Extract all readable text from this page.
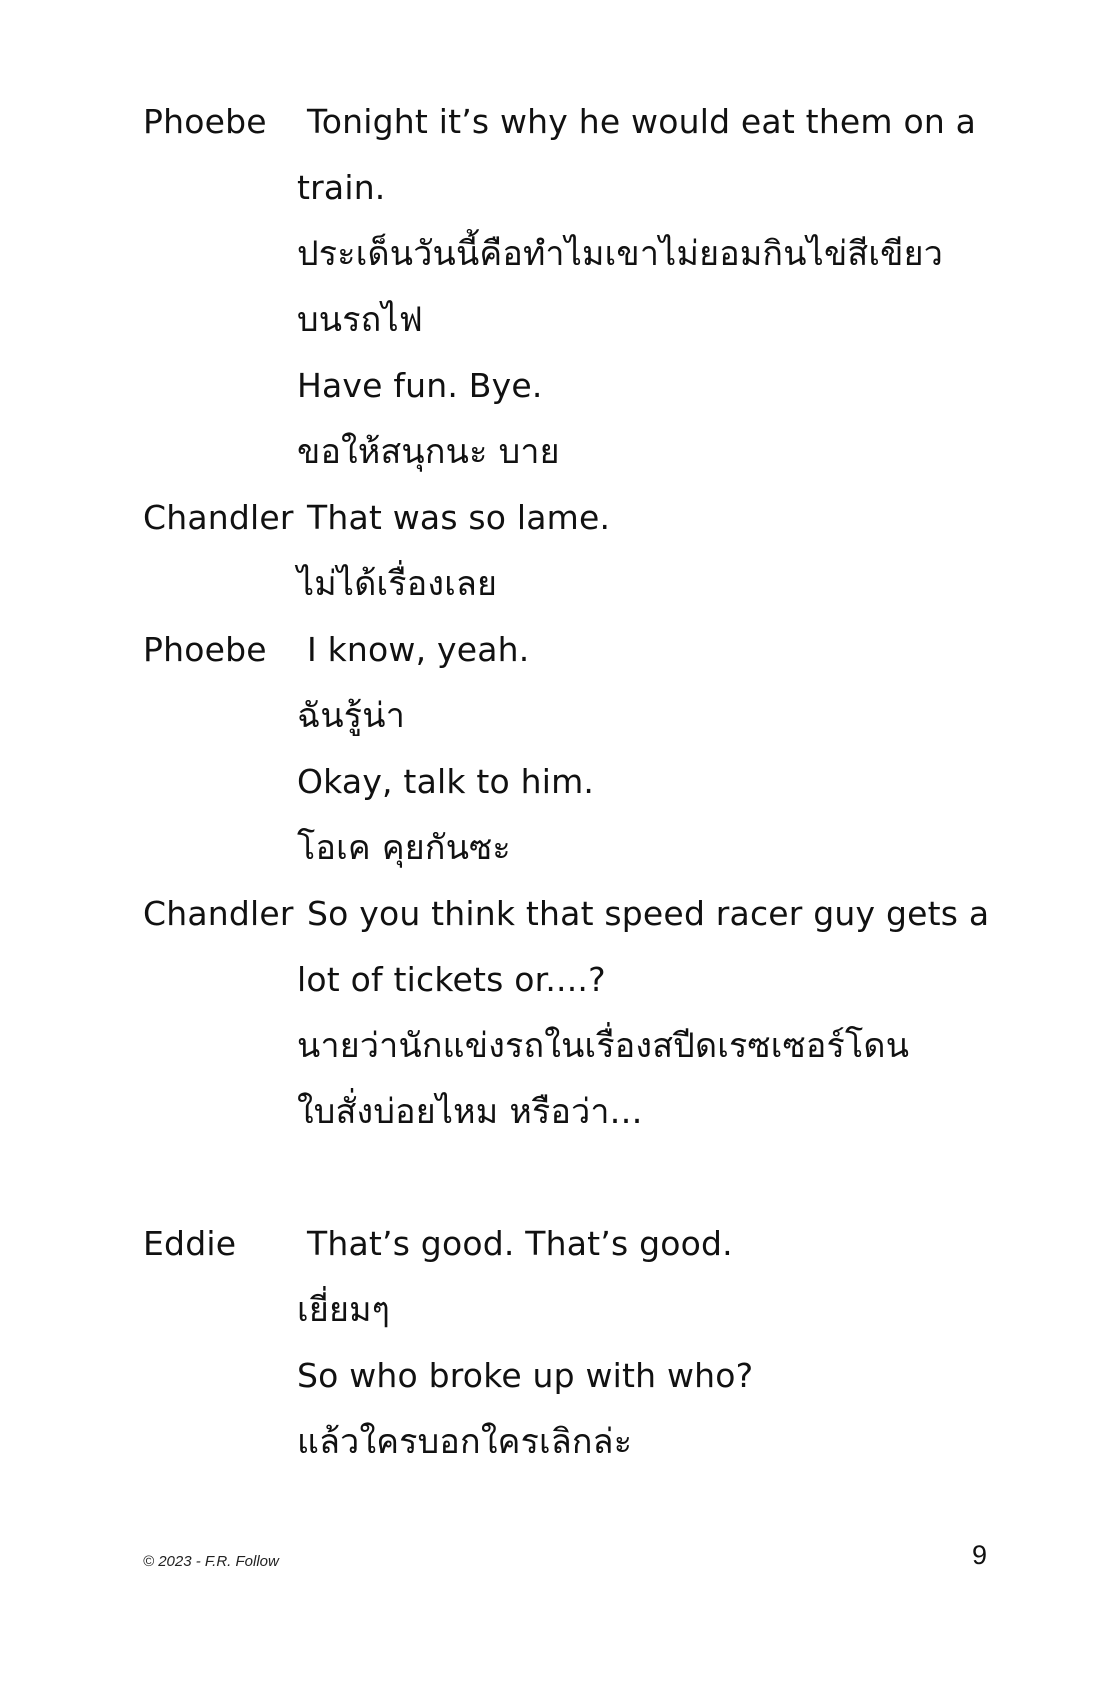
Phoebe Tonight it’s why he would eat them on a
train.
ประเด็นวันนี้คือทำไมเขาไม่ยอมกินไข่สีเขียว
บนรถไฟ
Have fun. Bye.
ขอให้สนุกนะ บาย
Chandler That was so lame.
ไม่ได้เรื่องเลย
Phoebe I know, yeah.
ฉันรู้น่า
Okay, talk to him.
โอเค คุยกันซะ
Chandler So you think that speed racer guy gets a
lot of tickets or....?
นายว่านักแข่งรถในเรื่องสปีดเรซเซอร์โดน
ใบสั่งบ่อยไหม หรือว่า...
Eddie That’s good. That’s good.
เยี่ยมๆ
So who broke up with who?
แล้วใครบอกใครเลิกล่ะ
© 2023 - F.R. Follow	9
